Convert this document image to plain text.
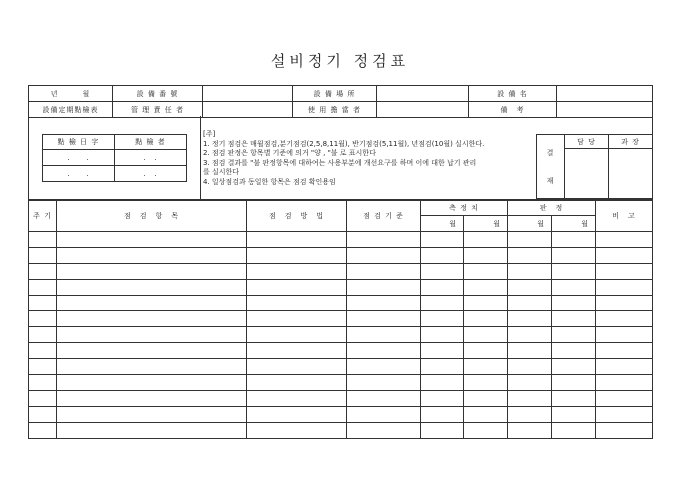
설비정기 정검표
년　　　월	設 備 番 號		設 備 場 所		設 備 名	
設備定期點檢表	管 理 責 任 者		使 用 擔 當 者		備　考	
點 檢 日 字	點 檢 者
.　　.	.　.
.　　.	.　.
[주]
1. 정기 점검은 매월점검,분기점검(2,5,8,11월), 반기점검(5,11월), 년점검(10월) 실시한다.
2. 점검 판정은 항목별 기준에 의거 "양 , "불 로 표시한다
3. 점검 결과를 "불 판정항목에 대하여는 사용부분에 개선요구를 하며 이에 대한 납기 관리
를 실시한다
4. 일상점검과 동일한 항목은 점검 확인용임
결

재	담 당	과 장

주 기	점　검　항　목	점　검　방　법	점 검 기 준	측 정 치		판　정		비　고
				월	월	월	월	
